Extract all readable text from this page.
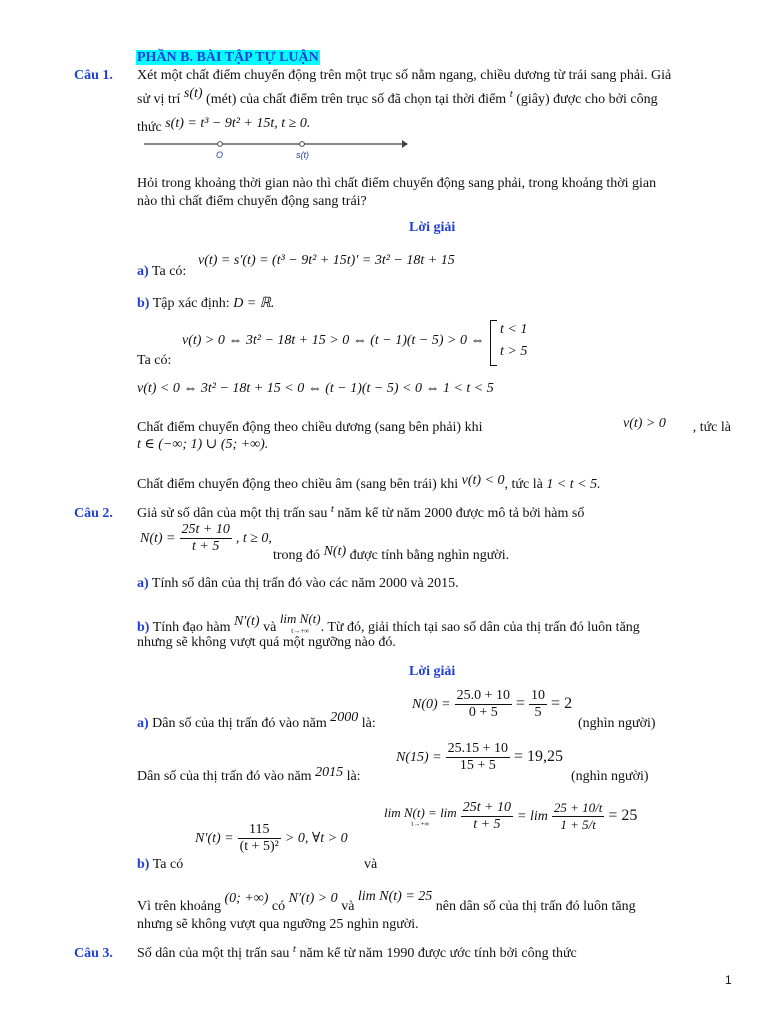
PHẦN B. BÀI TẬP TỰ LUẬN
Câu 1. Xét một chất điểm chuyển động trên một trục số nằm ngang, chiều dương từ trái sang phải. Giả
sử vị trí s(t) (mét) của chất điểm trên trục số đã chọn tại thời điểm $^t$ (giây) được cho bởi công
thức s(t) = t³ − 9t² + 15t, t ≥ 0.
O	s(t)
Hỏi trong khoảng thời gian nào thì chất điểm chuyển động sang phải, trong khoảng thời gian
nào thì chất điểm chuyển động sang trái?
Lời giải
a) Ta có:
v(t) = s′(t) = (t³ − 9t² + 15t)′ = 3t² − 18t + 15
b) Tập xác định: D = ℝ.
v(t) > 0 ⇔ 3t² − 18t + 15 > 0 ⇔ (t − 1)(t − 5) > 0 ⇔
t < 1
t > 5
Ta có:
v(t) < 0 ⇔ 3t² − 18t + 15 < 0 ⇔ (t − 1)(t − 5) < 0 ⇔ 1 < t < 5
Chất điểm chuyển động theo chiều dương (sang bên phải) khi	v(t) > 0 , tức là
t ∈ (−∞; 1) ∪ (5; +∞).
Chất điểm chuyển động theo chiều âm (sang bên trái) khi v(t) < 0, tức là 1 < t < 5.
Câu 2. Giả sử số dân của một thị trấn sau $^t$ năm kể từ năm 2000 được mô tả bởi hàm số
$N(t) = \frac{25t + 10}{t + 5}$ , t ≥ 0,
trong đó N(t) được tính bằng nghìn người.
a) Tính số dân của thị trấn đó vào các năm 2000 và 2015.
b) Tính đạo hàm N′(t) và
lim N(t)
t→+∞ . Từ đó, giải thích tại sao số dân của thị trấn đó luôn tăng
nhưng sẽ không vượt quá một ngưỡng nào đó.
Lời giải
a) Dân số của thị trấn đó vào năm 2000 là:
$N(0) = \frac{25.0 + 10}{0 + 5} = \frac{10}{5} = 2$
(nghìn người)
$N(15) = \frac{25.15 + 10}{15 + 5} = 19,25$
Dân số của thị trấn đó vào năm 2015 là:	(nghìn người)
$N'(t) = \frac{115}{\text{(t + 5)²}} > 0$, ∀t > 0
b) Ta có	và
lim N(t) = lim
t→+∞
	$\frac{25t + 10}{t + 5} = \lim \frac{25 + 10/t}{1 + 5/t} = 25$
Vì trên khoảng (0; +∞) có N′(t) > 0 và lim N(t) = 25 nên dân số của thị trấn đó luôn tăng
nhưng sẽ không vượt qua ngưỡng 25 nghìn người.
Câu 3. Số dân của một thị trấn sau $^t$ năm kể từ năm 1990 được ước tính bởi công thức
1
